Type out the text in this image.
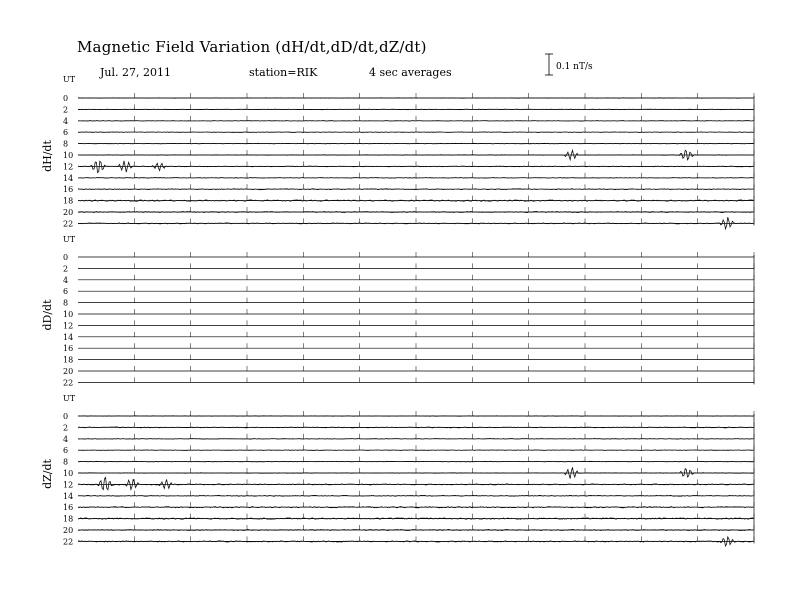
Magnetic Field Variation (dH/dt,dD/dt,dZ/dt)
Jul. 27, 2011	station=RIK	4 sec averages	0.1 nT/s
UT
dH/dt
0
2
4
6
8
10
12
14
16
18
20
22
UT
dD/dt
0
2
4
6
8
10
12
14
16
18
20
22
UT
dZ/dt
0
2
4
6
8
10
12
14
16
18
20
22
